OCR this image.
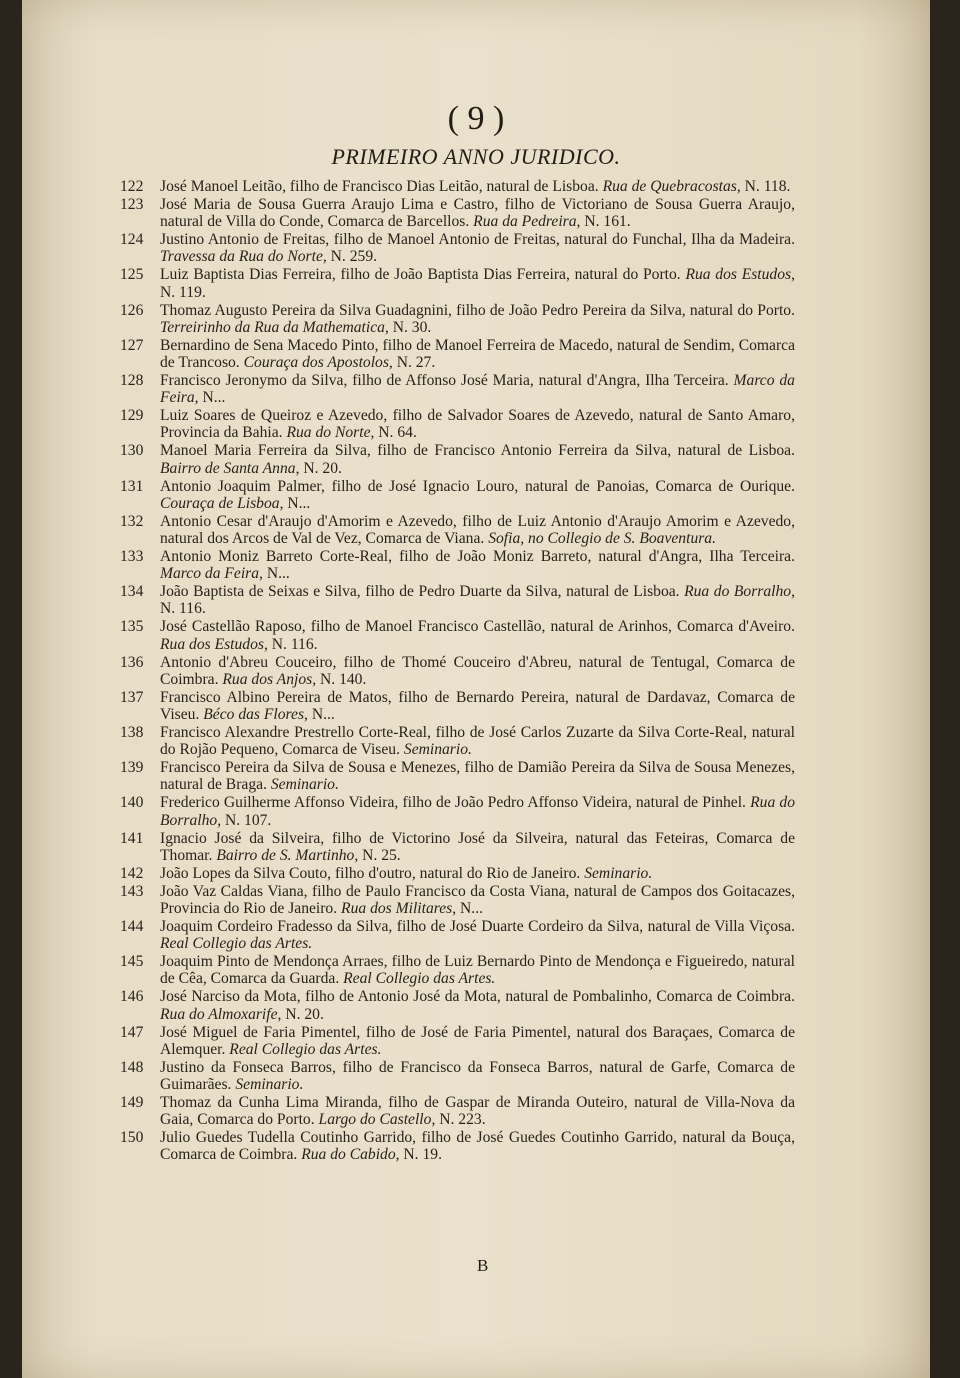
( 9 )
PRIMEIRO ANNO JURIDICO.
122	José Manoel Leitão, filho de Francisco Dias Leitão, natural de Lisboa. Rua de Quebracostas, N. 118.
123	José Maria de Sousa Guerra Araujo Lima e Castro, filho de Victoriano de Sousa Guerra Araujo, natural de Villa do Conde, Comarca de Barcellos. Rua da Pedreira, N. 161.
124	Justino Antonio de Freitas, filho de Manoel Antonio de Freitas, natural do Funchal, Ilha da Madeira. Travessa da Rua do Norte, N. 259.
125	Luiz Baptista Dias Ferreira, filho de João Baptista Dias Ferreira, natural do Porto. Rua dos Estudos, N. 119.
126	Thomaz Augusto Pereira da Silva Guadagnini, filho de João Pedro Pereira da Silva, natural do Porto. Terreirinho da Rua da Mathematica, N. 30.
127	Bernardino de Sena Macedo Pinto, filho de Manoel Ferreira de Macedo, natural de Sendim, Comarca de Trancoso. Couraça dos Apostolos, N. 27.
128	Francisco Jeronymo da Silva, filho de Affonso José Maria, natural d'Angra, Ilha Terceira. Marco da Feira, N...
129	Luiz Soares de Queiroz e Azevedo, filho de Salvador Soares de Azevedo, natural de Santo Amaro, Provincia da Bahia. Rua do Norte, N. 64.
130	Manoel Maria Ferreira da Silva, filho de Francisco Antonio Ferreira da Silva, natural de Lisboa. Bairro de Santa Anna, N. 20.
131	Antonio Joaquim Palmer, filho de José Ignacio Louro, natural de Panoias, Comarca de Ourique. Couraça de Lisboa, N...
132	Antonio Cesar d'Araujo d'Amorim e Azevedo, filho de Luiz Antonio d'Araujo Amorim e Azevedo, natural dos Arcos de Val de Vez, Comarca de Viana. Sofia, no Collegio de S. Boaventura.
133	Antonio Moniz Barreto Corte-Real, filho de João Moniz Barreto, natural d'Angra, Ilha Terceira. Marco da Feira, N...
134	João Baptista de Seixas e Silva, filho de Pedro Duarte da Silva, natural de Lisboa. Rua do Borralho, N. 116.
135	José Castellão Raposo, filho de Manoel Francisco Castellão, natural de Arinhos, Comarca d'Aveiro. Rua dos Estudos, N. 116.
136	Antonio d'Abreu Couceiro, filho de Thomé Couceiro d'Abreu, natural de Tentugal, Comarca de Coimbra. Rua dos Anjos, N. 140.
137	Francisco Albino Pereira de Matos, filho de Bernardo Pereira, natural de Dardavaz, Comarca de Viseu. Béco das Flores, N...
138	Francisco Alexandre Prestrello Corte-Real, filho de José Carlos Zuzarte da Silva Corte-Real, natural do Rojão Pequeno, Comarca de Viseu. Seminario.
139	Francisco Pereira da Silva de Sousa e Menezes, filho de Damião Pereira da Silva de Sousa Menezes, natural de Braga. Seminario.
140	Frederico Guilherme Affonso Videira, filho de João Pedro Affonso Videira, natural de Pinhel. Rua do Borralho, N. 107.
141	Ignacio José da Silveira, filho de Victorino José da Silveira, natural das Feteiras, Comarca de Thomar. Bairro de S. Martinho, N. 25.
142	João Lopes da Silva Couto, filho d'outro, natural do Rio de Janeiro. Seminario.
143	João Vaz Caldas Viana, filho de Paulo Francisco da Costa Viana, natural de Campos dos Goitacazes, Provincia do Rio de Janeiro. Rua dos Militares, N...
144	Joaquim Cordeiro Fradesso da Silva, filho de José Duarte Cordeiro da Silva, natural de Villa Viçosa. Real Collegio das Artes.
145	Joaquim Pinto de Mendonça Arraes, filho de Luiz Bernardo Pinto de Mendonça e Figueiredo, natural de Cêa, Comarca da Guarda. Real Collegio das Artes.
146	José Narciso da Mota, filho de Antonio José da Mota, natural de Pombalinho, Comarca de Coimbra. Rua do Almoxarife, N. 20.
147	José Miguel de Faria Pimentel, filho de José de Faria Pimentel, natural dos Baraçaes, Comarca de Alemquer. Real Collegio das Artes.
148	Justino da Fonseca Barros, filho de Francisco da Fonseca Barros, natural de Garfe, Comarca de Guimarães. Seminario.
149	Thomaz da Cunha Lima Miranda, filho de Gaspar de Miranda Outeiro, natural de Villa-Nova da Gaia, Comarca do Porto. Largo do Castello, N. 223.
150	Julio Guedes Tudella Coutinho Garrido, filho de José Guedes Coutinho Garrido, natural da Bouça, Comarca de Coimbra. Rua do Cabido, N. 19.
B
